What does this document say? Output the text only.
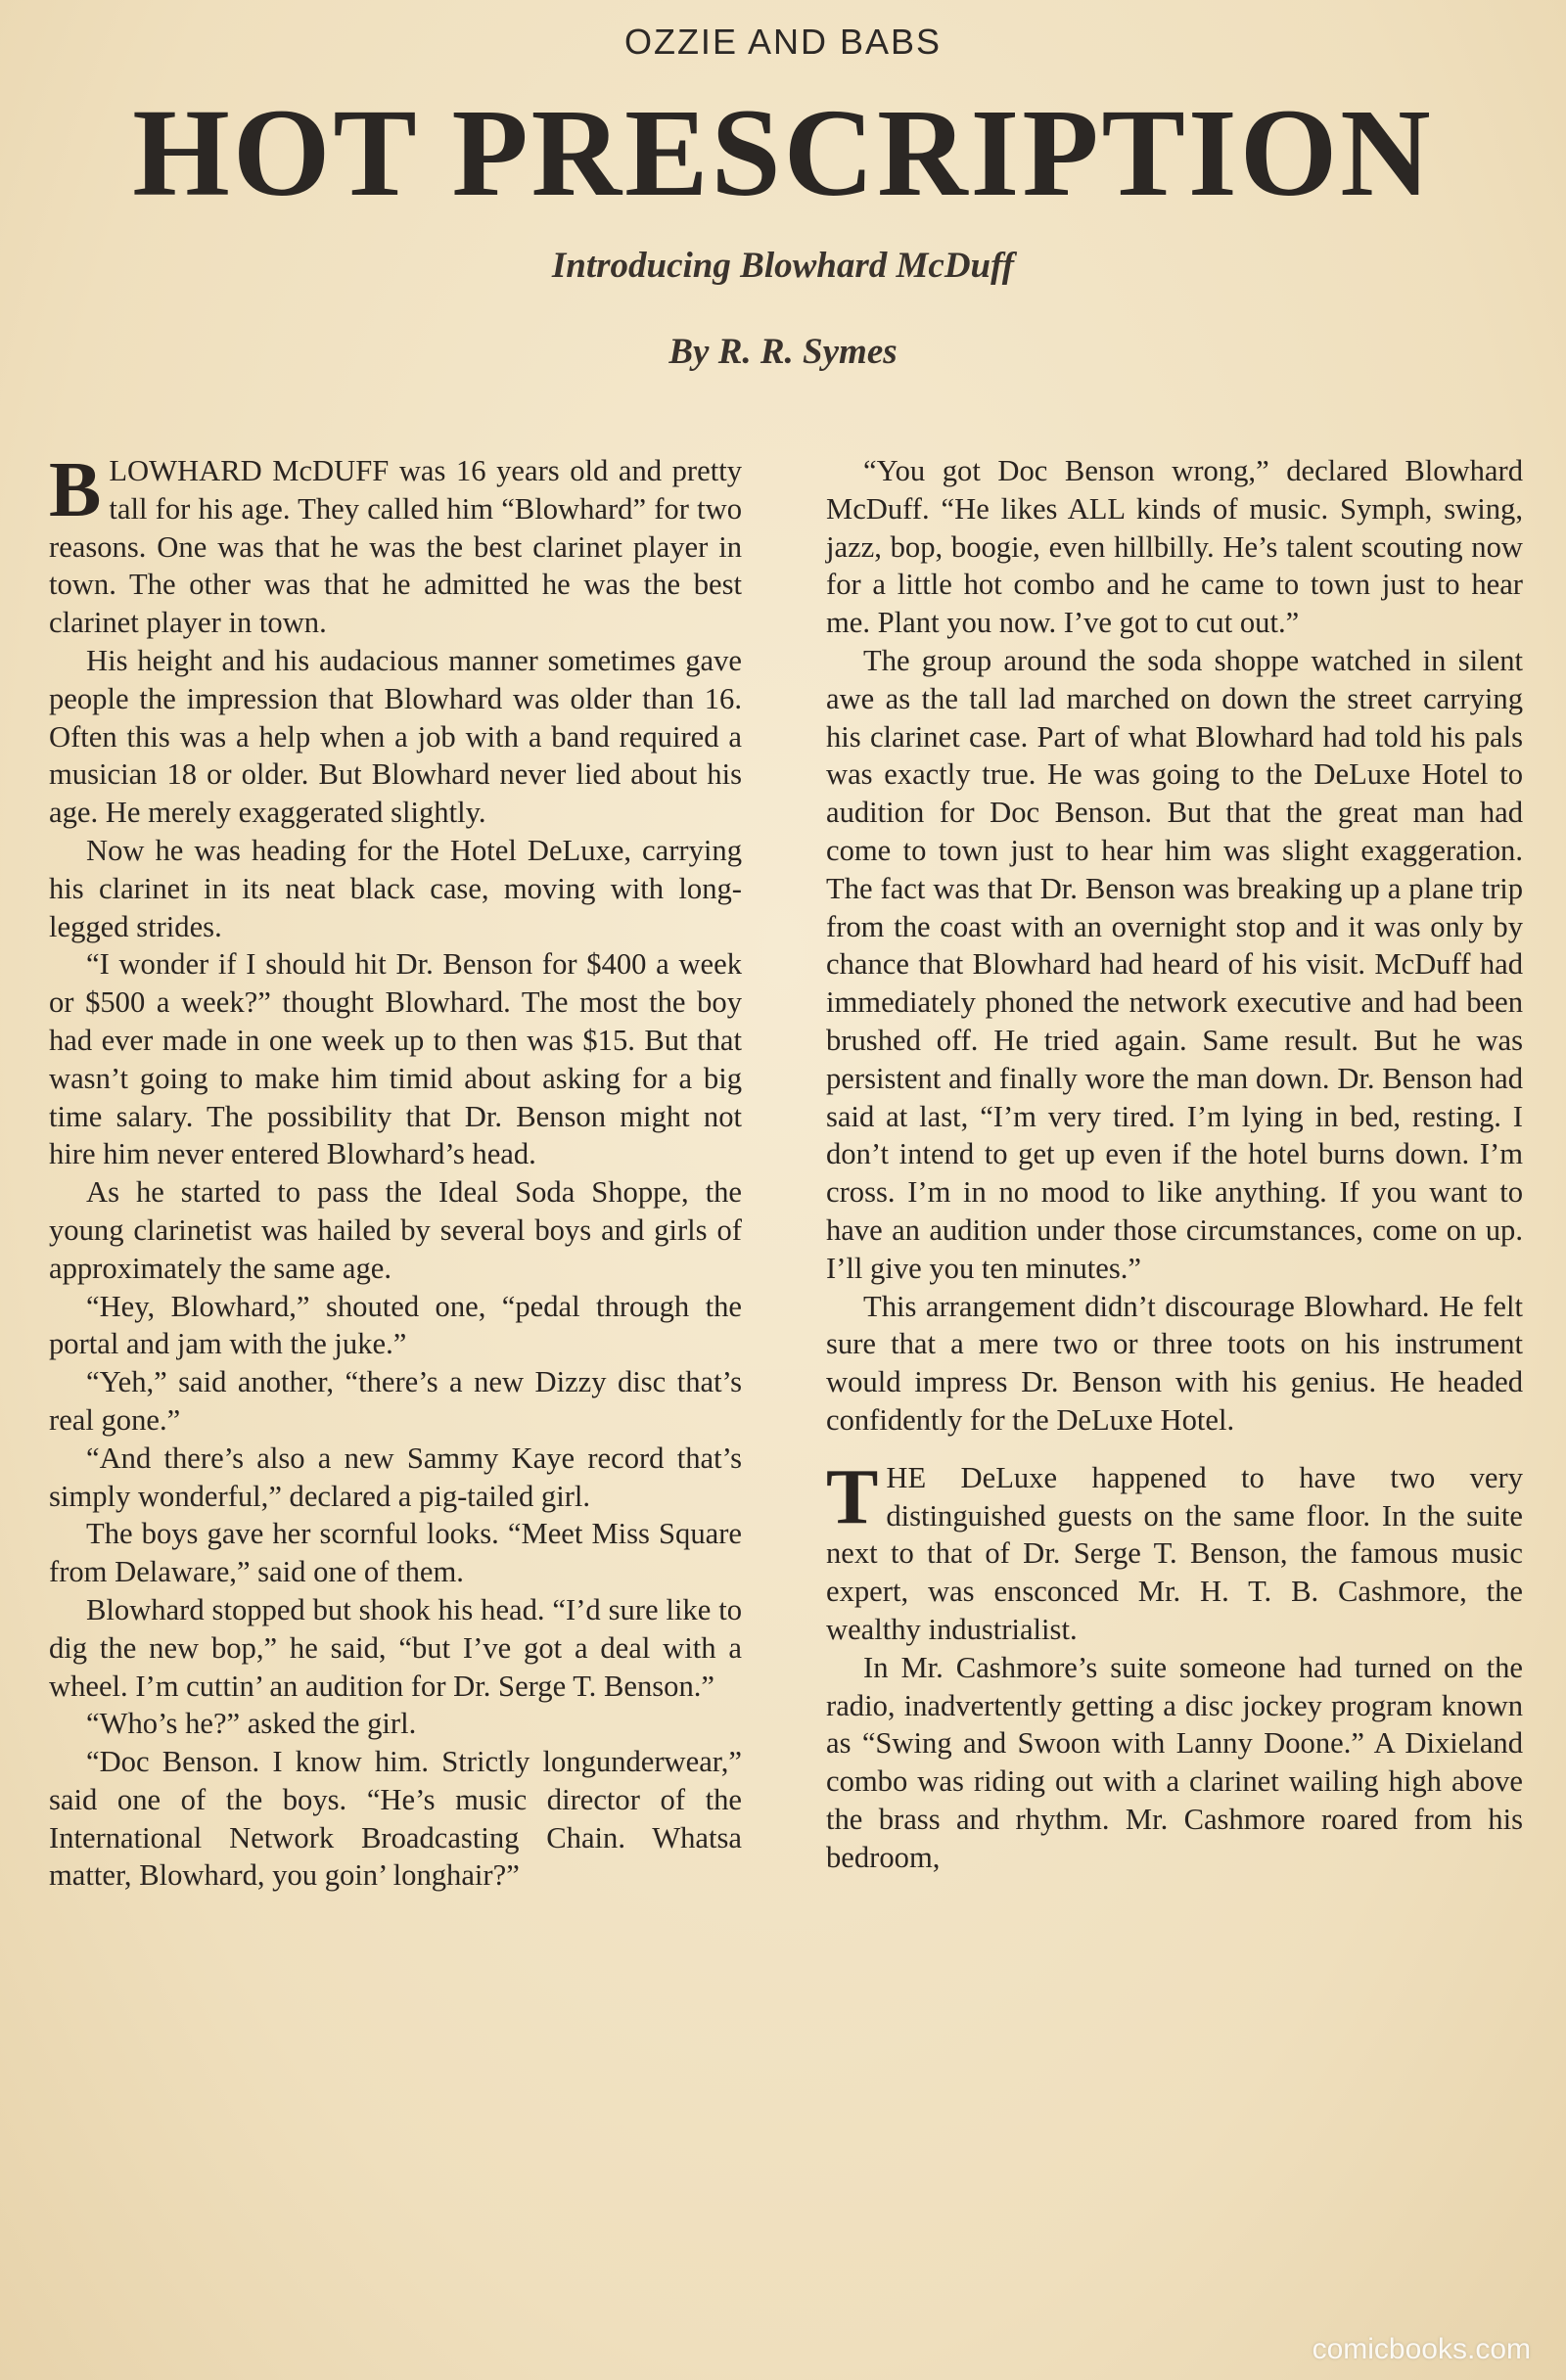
OZZIE AND BABS
HOT PRESCRIPTION
Introducing Blowhard McDuff
By R. R. Symes

BLOWHARD McDUFF was 16 years old and pretty tall for his age. They called him “Blowhard” for two reasons. One was that he was the best clarinet player in town. The other was that he admitted he was the best clarinet player in town.

His height and his audacious manner sometimes gave people the impression that Blowhard was older than 16. Often this was a help when a job with a band required a musician 18 or older. But Blowhard never lied about his age. He merely exaggerated slightly.

Now he was heading for the Hotel DeLuxe, carrying his clarinet in its neat black case, moving with long-legged strides.

“I wonder if I should hit Dr. Benson for $400 a week or $500 a week?” thought Blowhard. The most the boy had ever made in one week up to then was $15. But that wasn’t going to make him timid about asking for a big time salary. The possibility that Dr. Benson might not hire him never entered Blowhard’s head.

As he started to pass the Ideal Soda Shoppe, the young clarinetist was hailed by several boys and girls of approximately the same age.

“Hey, Blowhard,” shouted one, “pedal through the portal and jam with the juke.”

“Yeh,” said another, “there’s a new Dizzy disc that’s real gone.”

“And there’s also a new Sammy Kaye record that’s simply wonderful,” declared a pig-tailed girl.

The boys gave her scornful looks. “Meet Miss Square from Delaware,” said one of them.

Blowhard stopped but shook his head. “I’d sure like to dig the new bop,” he said, “but I’ve got a deal with a wheel. I’m cuttin’ an audition for Dr. Serge T. Benson.”

“Who’s he?” asked the girl.

“Doc Benson. I know him. Strictly longunderwear,” said one of the boys. “He’s music director of the International Network Broadcasting Chain. Whatsa matter, Blowhard, you goin’ longhair?”

“You got Doc Benson wrong,” declared Blowhard McDuff. “He likes ALL kinds of music. Symph, swing, jazz, bop, boogie, even hillbilly. He’s talent scouting now for a little hot combo and he came to town just to hear me. Plant you now. I’ve got to cut out.”

The group around the soda shoppe watched in silent awe as the tall lad marched on down the street carrying his clarinet case. Part of what Blowhard had told his pals was exactly true. He was going to the DeLuxe Hotel to audition for Doc Benson. But that the great man had come to town just to hear him was slight exaggeration. The fact was that Dr. Benson was breaking up a plane trip from the coast with an overnight stop and it was only by chance that Blowhard had heard of his visit. McDuff had immediately phoned the network executive and had been brushed off. He tried again. Same result. But he was persistent and finally wore the man down. Dr. Benson had said at last, “I’m very tired. I’m lying in bed, resting. I don’t intend to get up even if the hotel burns down. I’m cross. I’m in no mood to like anything. If you want to have an audition under those circumstances, come on up. I’ll give you ten minutes.”

This arrangement didn’t discourage Blowhard. He felt sure that a mere two or three toots on his instrument would impress Dr. Benson with his genius. He headed confidently for the DeLuxe Hotel.

THE DeLuxe happened to have two very distinguished guests on the same floor. In the suite next to that of Dr. Serge T. Benson, the famous music expert, was ensconced Mr. H. T. B. Cashmore, the wealthy industrialist.

In Mr. Cashmore’s suite someone had turned on the radio, inadvertently getting a disc jockey program known as “Swing and Swoon with Lanny Doone.” A Dixieland combo was riding out with a clarinet wailing high above the brass and rhythm. Mr. Cashmore roared from his bedroom,

comicbooks.com
